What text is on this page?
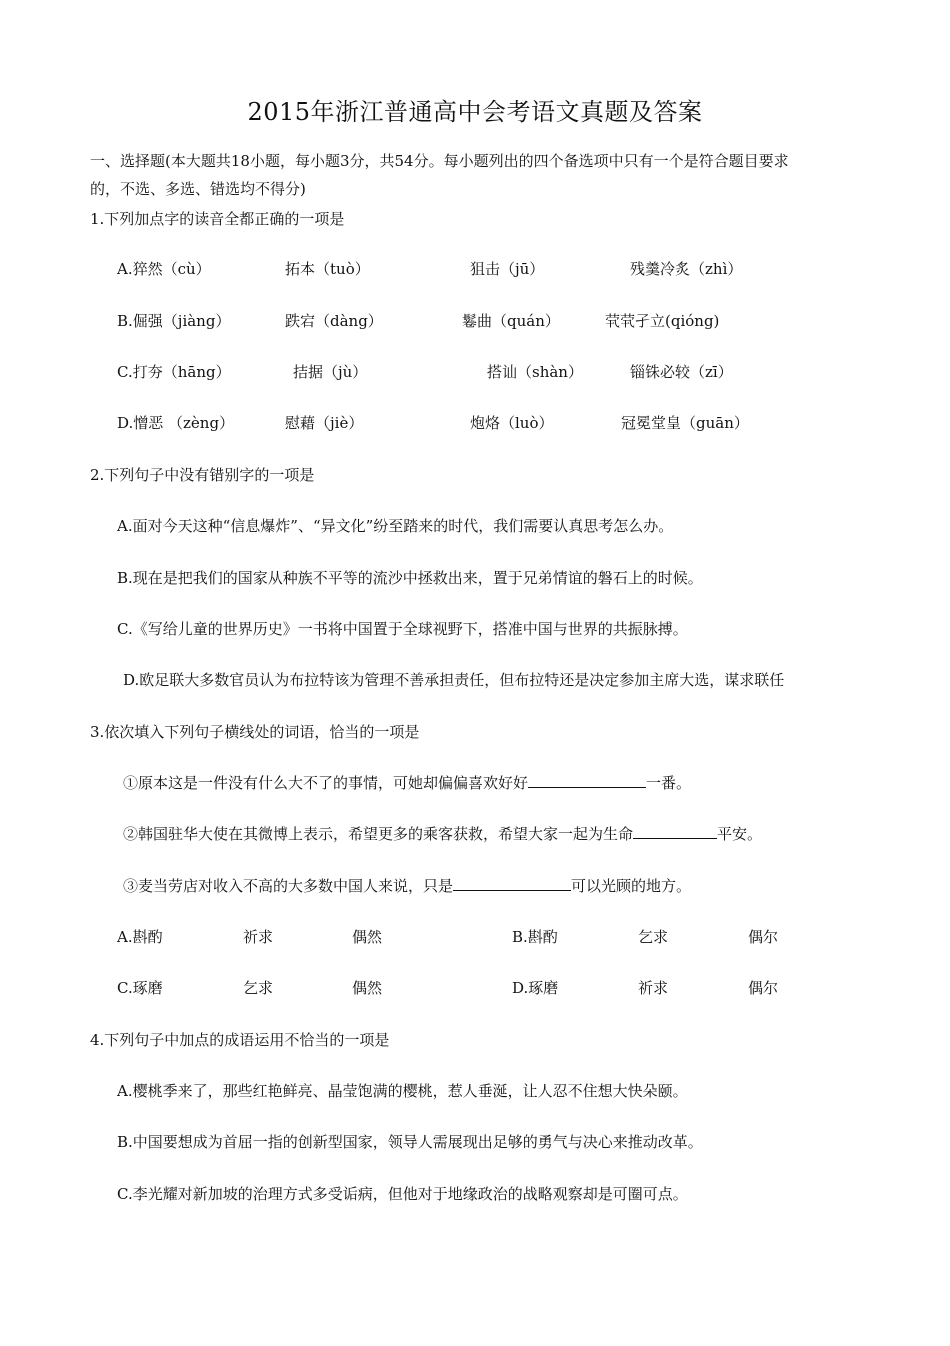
2015年浙江普通高中会考语文真题及答案
一、选择题(本大题共18小题，每小题3分，共54分。每小题列出的四个备选项中只有一个是符合题目要求
的，不选、多选、错选均不得分)
1.下列加点字的读音全都正确的一项是
A.猝然（cù）	拓本（tuò）	狙击（jū）	残羹冷炙（zhì）
B.倔强（jiàng）	跌宕（dàng）	鬈曲（quán）	茕茕孑立(qióng)
C.打夯（hāng）	拮据（jù）	搭讪（shàn）	锱铢必较（zī）
D.憎恶 （zèng）	慰藉（jiè）	炮烙（luò）	冠冕堂皇（guān）
2.下列句子中没有错别字的一项是
A.面对今天这种“信息爆炸”、“异文化”纷至踏来的时代，我们需要认真思考怎么办。
B.现在是把我们的国家从种族不平等的流沙中拯救出来，置于兄弟情谊的磐石上的时候。
C.《写给儿童的世界历史》一书将中国置于全球视野下，搭准中国与世界的共振脉搏。
D.欧足联大多数官员认为布拉特该为管理不善承担责任，但布拉特还是决定参加主席大选，谋求联任
3.依次填入下列句子横线处的词语，恰当的一项是
①原本这是一件没有什么大不了的事情，可她却偏偏喜欢好好	一番。
②韩国驻华大使在其微博上表示，希望更多的乘客获救，希望大家一起为生命	平安。
③麦当劳店对收入不高的大多数中国人来说，只是	可以光顾的地方。
A.斟酌	祈求	偶然	B.斟酌	乞求	偶尔
C.琢磨	乞求	偶然	D.琢磨	祈求	偶尔
4.下列句子中加点的成语运用不恰当的一项是
A.樱桃季来了，那些红艳鲜亮、晶莹饱满的樱桃，惹人垂涎，让人忍不住想大快朵颐。
B.中国要想成为首屈一指的创新型国家，领导人需展现出足够的勇气与决心来推动改革。
C.李光耀对新加坡的治理方式多受诟病，但他对于地缘政治的战略观察却是可圈可点。
